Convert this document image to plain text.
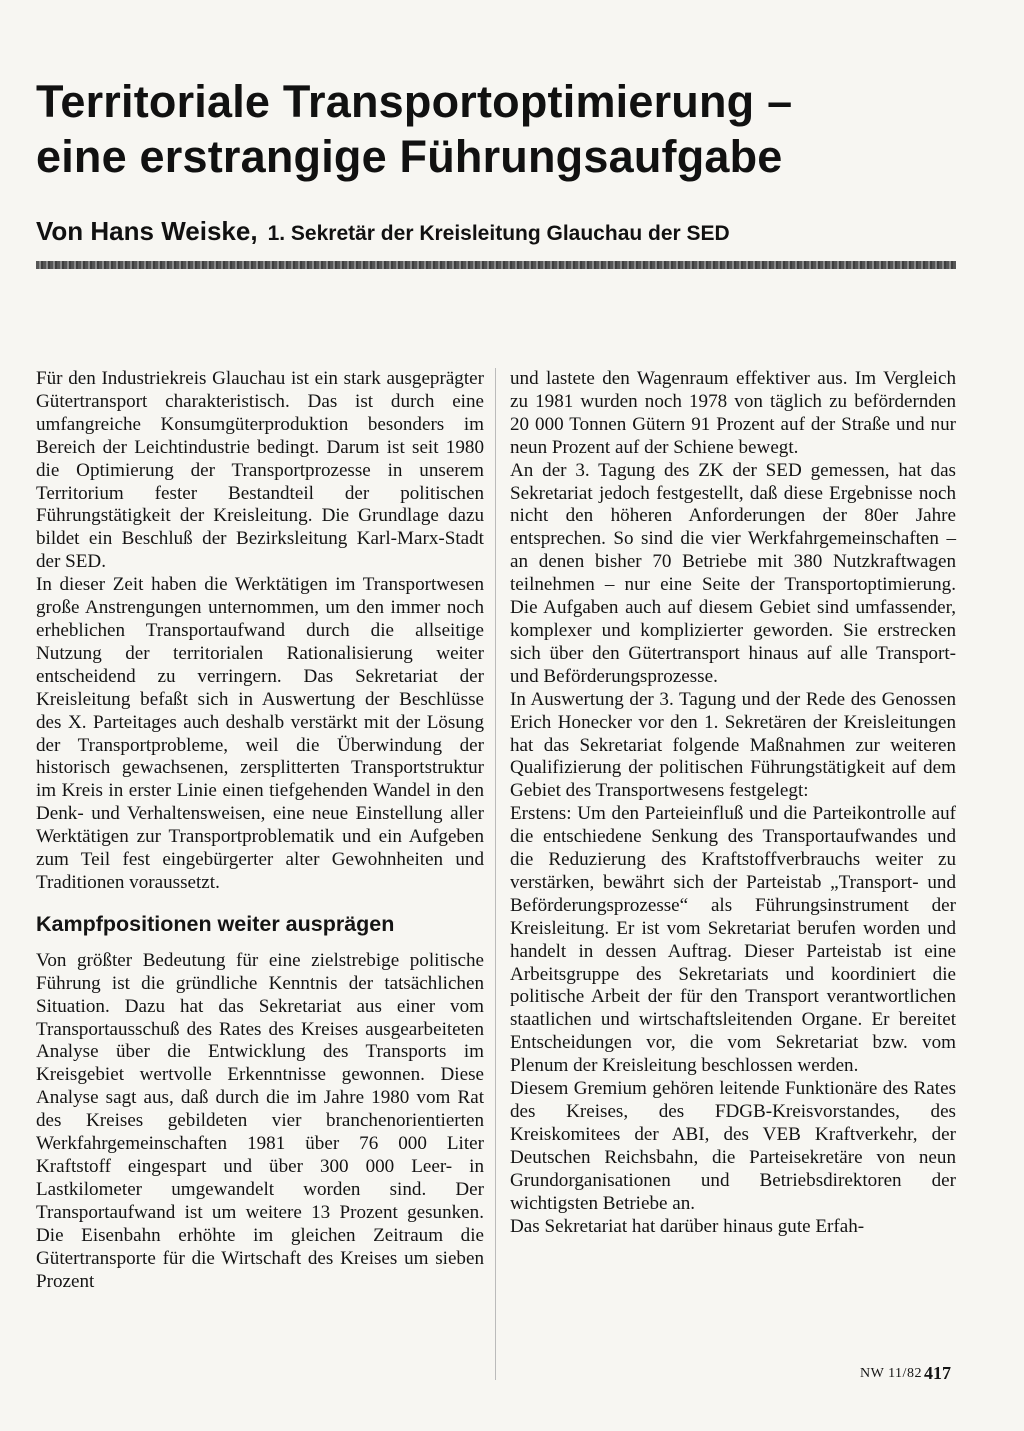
Territoriale Transportoptimierung –
eine erstrangige Führungsaufgabe
Von Hans Weiske, 1. Sekretär der Kreisleitung Glauchau der SED

Für den Industriekreis Glauchau ist ein stark ausgeprägter Gütertransport charakteristisch. Das ist durch eine umfangreiche Konsumgüterproduktion besonders im Bereich der Leichtindustrie bedingt. Darum ist seit 1980 die Optimierung der Transportprozesse in unserem Territorium fester Bestandteil der politischen Führungstätigkeit der Kreisleitung. Die Grundlage dazu bildet ein Beschluß der Bezirksleitung Karl-Marx-Stadt der SED.

In dieser Zeit haben die Werktätigen im Transportwesen große Anstrengungen unternommen, um den immer noch erheblichen Transportaufwand durch die allseitige Nutzung der territorialen Rationalisierung weiter entscheidend zu verringern. Das Sekretariat der Kreisleitung befaßt sich in Auswertung der Beschlüsse des X. Parteitages auch deshalb verstärkt mit der Lösung der Transportprobleme, weil die Überwindung der historisch gewachsenen, zersplitterten Transportstruktur im Kreis in erster Linie einen tiefgehenden Wandel in den Denk- und Verhaltensweisen, eine neue Einstellung aller Werktätigen zur Transportproblematik und ein Aufgeben zum Teil fest eingebürgerter alter Gewohnheiten und Traditionen voraussetzt.

Kampfpositionen weiter ausprägen

Von größter Bedeutung für eine zielstrebige politische Führung ist die gründliche Kenntnis der tatsächlichen Situation. Dazu hat das Sekretariat aus einer vom Transportausschuß des Rates des Kreises ausgearbeiteten Analyse über die Entwicklung des Transports im Kreisgebiet wertvolle Erkenntnisse gewonnen. Diese Analyse sagt aus, daß durch die im Jahre 1980 vom Rat des Kreises gebildeten vier branchenorientierten Werkfahrgemeinschaften 1981 über 76 000 Liter Kraftstoff eingespart und über 300 000 Leer- in Lastkilometer umgewandelt worden sind. Der Transportaufwand ist um weitere 13 Prozent gesunken. Die Eisenbahn erhöhte im gleichen Zeitraum die Gütertransporte für die Wirtschaft des Kreises um sieben Prozent

und lastete den Wagenraum effektiver aus. Im Vergleich zu 1981 wurden noch 1978 von täglich zu befördernden 20 000 Tonnen Gütern 91 Prozent auf der Straße und nur neun Prozent auf der Schiene bewegt.

An der 3. Tagung des ZK der SED gemessen, hat das Sekretariat jedoch festgestellt, daß diese Ergebnisse noch nicht den höheren Anforderungen der 80er Jahre entsprechen. So sind die vier Werkfahrgemeinschaften – an denen bisher 70 Betriebe mit 380 Nutzkraftwagen teilnehmen – nur eine Seite der Transportoptimierung. Die Aufgaben auch auf diesem Gebiet sind umfassender, komplexer und komplizierter geworden. Sie erstrecken sich über den Gütertransport hinaus auf alle Transport- und Beförderungsprozesse.

In Auswertung der 3. Tagung und der Rede des Genossen Erich Honecker vor den 1. Sekretären der Kreisleitungen hat das Sekretariat folgende Maßnahmen zur weiteren Qualifizierung der politischen Führungstätigkeit auf dem Gebiet des Transportwesens festgelegt:

Erstens: Um den Parteieinfluß und die Parteikontrolle auf die entschiedene Senkung des Transportaufwandes und die Reduzierung des Kraftstoffverbrauchs weiter zu verstärken, bewährt sich der Parteistab „Transport- und Beförderungsprozesse“ als Führungsinstrument der Kreisleitung. Er ist vom Sekretariat berufen worden und handelt in dessen Auftrag. Dieser Parteistab ist eine Arbeitsgruppe des Sekretariats und koordiniert die politische Arbeit der für den Transport verantwortlichen staatlichen und wirtschaftsleitenden Organe. Er bereitet Entscheidungen vor, die vom Sekretariat bzw. vom Plenum der Kreisleitung beschlossen werden.

Diesem Gremium gehören leitende Funktionäre des Rates des Kreises, des FDGB-Kreisvorstandes, des Kreiskomitees der ABI, des VEB Kraftverkehr, der Deutschen Reichsbahn, die Parteisekretäre von neun Grundorganisationen und Betriebsdirektoren der wichtigsten Betriebe an.

Das Sekretariat hat darüber hinaus gute Erfah-

NW 11/82 417
